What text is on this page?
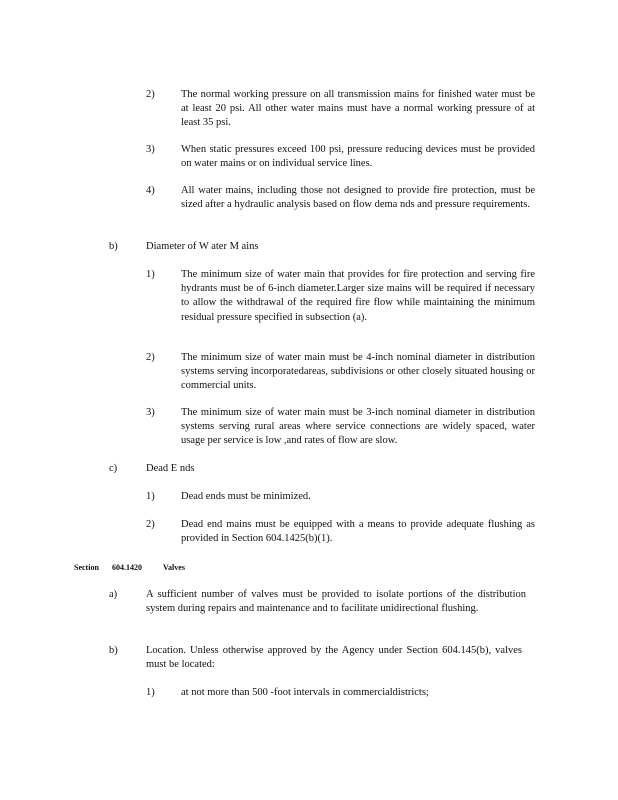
2)	The normal working pressure on all transmission mains for finished water must be at least 20 psi. All other water mains must have a normal working pressure of at least 35 psi.
3)	When static pressures exceed 100 psi, pressure reducing devices must be provided on water mains or on individual service lines.
4)	All water mains, including those not designed to provide fire protection, must be sized after a hydraulic analysis based on flow dema nds and pressure requirements.
b)	Diameter of W ater M ains
1)	The minimum size of water main that provides for fire protection and serving fire hydrants must be of 6-inch diameter.Larger size mains will be required if necessary to allow the withdrawal of the required fire flow while maintaining the minimum residual pressure specified in subsection (a).
2)	The minimum size of water main must be 4-inch nominal diameter in distribution systems serving incorporatedareas, subdivisions or other closely situated housing or commercial units.
3)	The minimum size of water main must be 3-inch nominal diameter in distribution systems serving rural areas where service connections are widely spaced, water usage per service is low ,and rates of flow are slow.
c)	Dead E nds
1)	Dead ends must be minimized.
2)	Dead end mains must be equipped with a means to provide adequate flushing as provided in Section 604.1425(b)(1).
Section 604.1420	Valves
a)	A sufficient number of valves must be provided to isolate portions of the distribution system during repairs and maintenance and to facilitate unidirectional flushing.
b)	Location. Unless otherwise approved by the Agency under Section 604.145(b), valves must be located:
1)	at not more than 500 -foot intervals in commercialdistricts;
